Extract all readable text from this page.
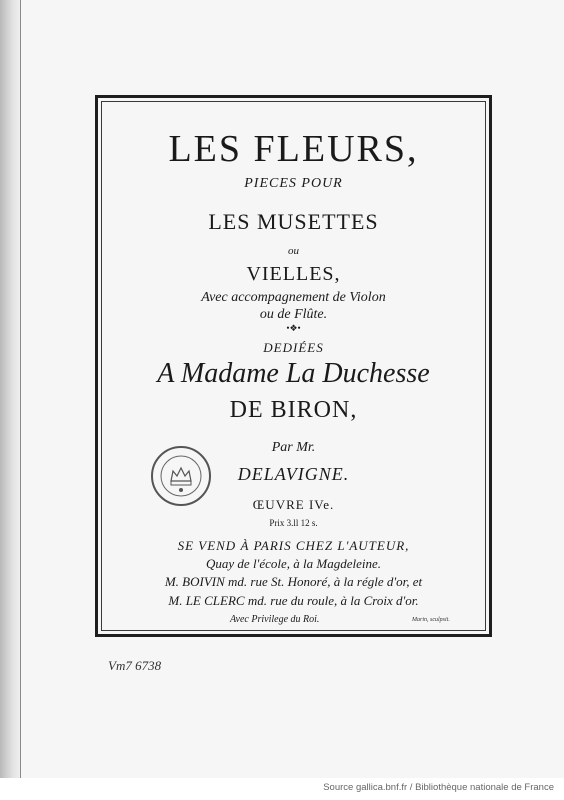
LES FLEURS,
PIECES POUR
LES MUSETTES
ou
VIELLES,
Avec accompagnement de Violon
ou de Flûte.
•❖•
DEDIÉES
A Madame La Duchesse
DE BIRON,
Par Mr.
DELAVIGNE.
ŒUVRE IVe.
Prix 3.ll 12 s.
SE VEND À PARIS CHEZ L'AUTEUR,
Quay de l'école, à la Magdeleine.
M. BOIVIN md. rue St. Honoré, à la régle d'or, et
M. LE CLERC md. rue du roule, à la Croix d'or.
Avec Privilege du Roi.	Marin, sculpsit.
Vm7 6738
Source gallica.bnf.fr / Bibliothèque nationale de France
